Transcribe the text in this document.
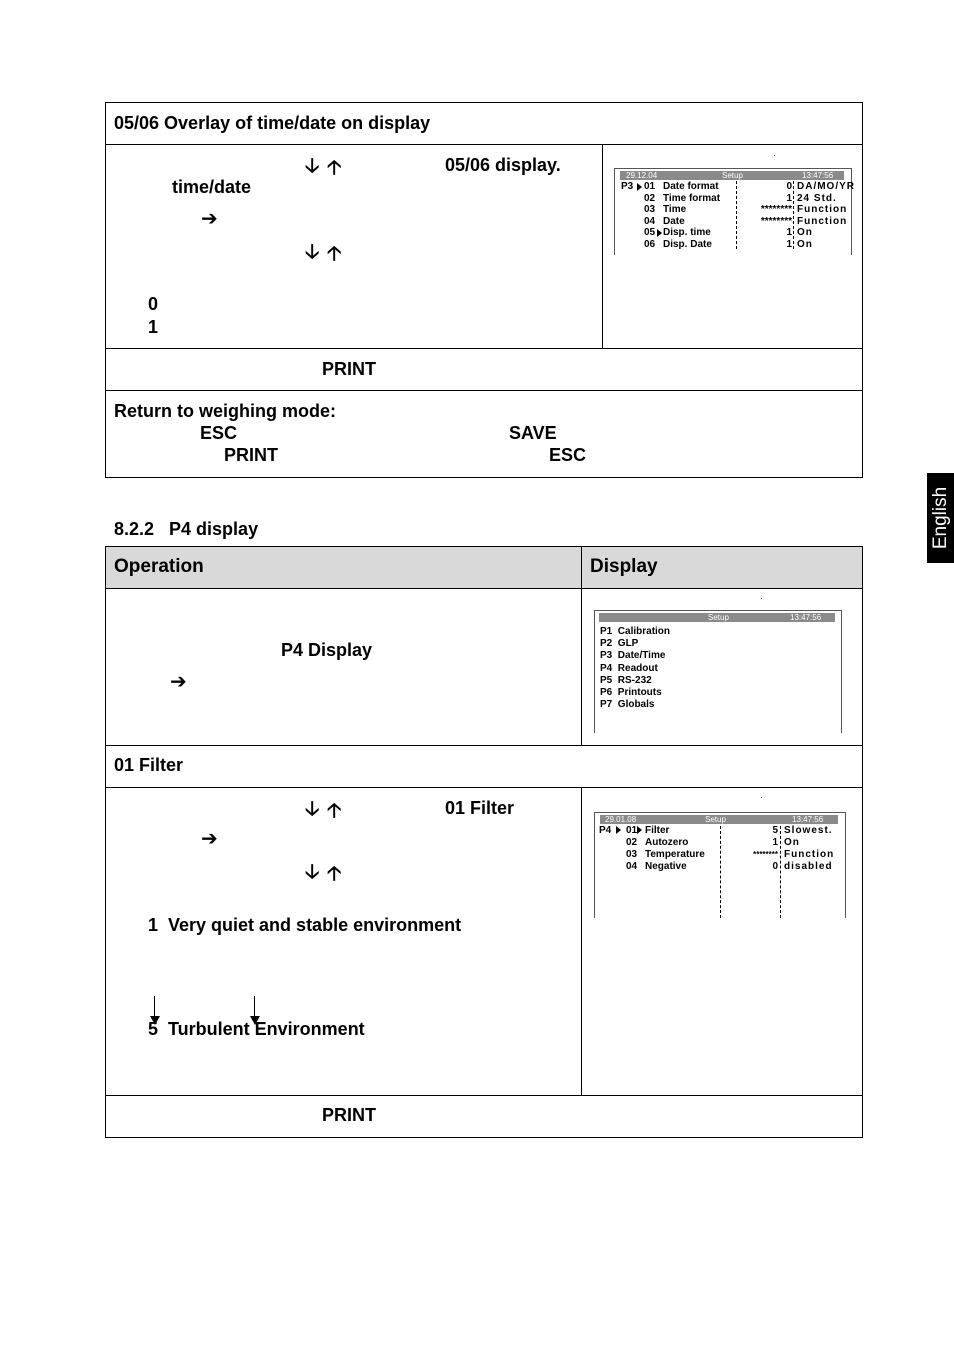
05/06 Overlay of time/date on display
🡣 🡡	05/06 display.
time/date
➔
🡣 🡡
0
1
PRINT
Return to weighing mode:
ESC	SAVE
PRINT	ESC
29.12.04	Setup	13:47:56
P3 01 Date format	0 DA/MO/YR
02 Time format	1 24 Std.
03 Time	******** Function
04 Date	******** Function
05 Disp. time	1 On
06 Disp. Date	1 On
8.2.2   P4 display	English
Operation	Display
P4 Display
➔
Setup	13:47:56
P1  Calibration
P2  GLP
P3  Date/Time
P4  Readout
P5  RS-232
P6  Printouts
P7  Globals
01 Filter
🡣 🡡	01 Filter
➔
🡣 🡡
1  Very quiet and stable environment
5  Turbulent Environment
29.01.08	Setup	13:47:56
P4 01 Filter	5 Slowest.
02 Autozero	1 On
03 Temperature	******** Function
04 Negative	0 disabled
PRINT
